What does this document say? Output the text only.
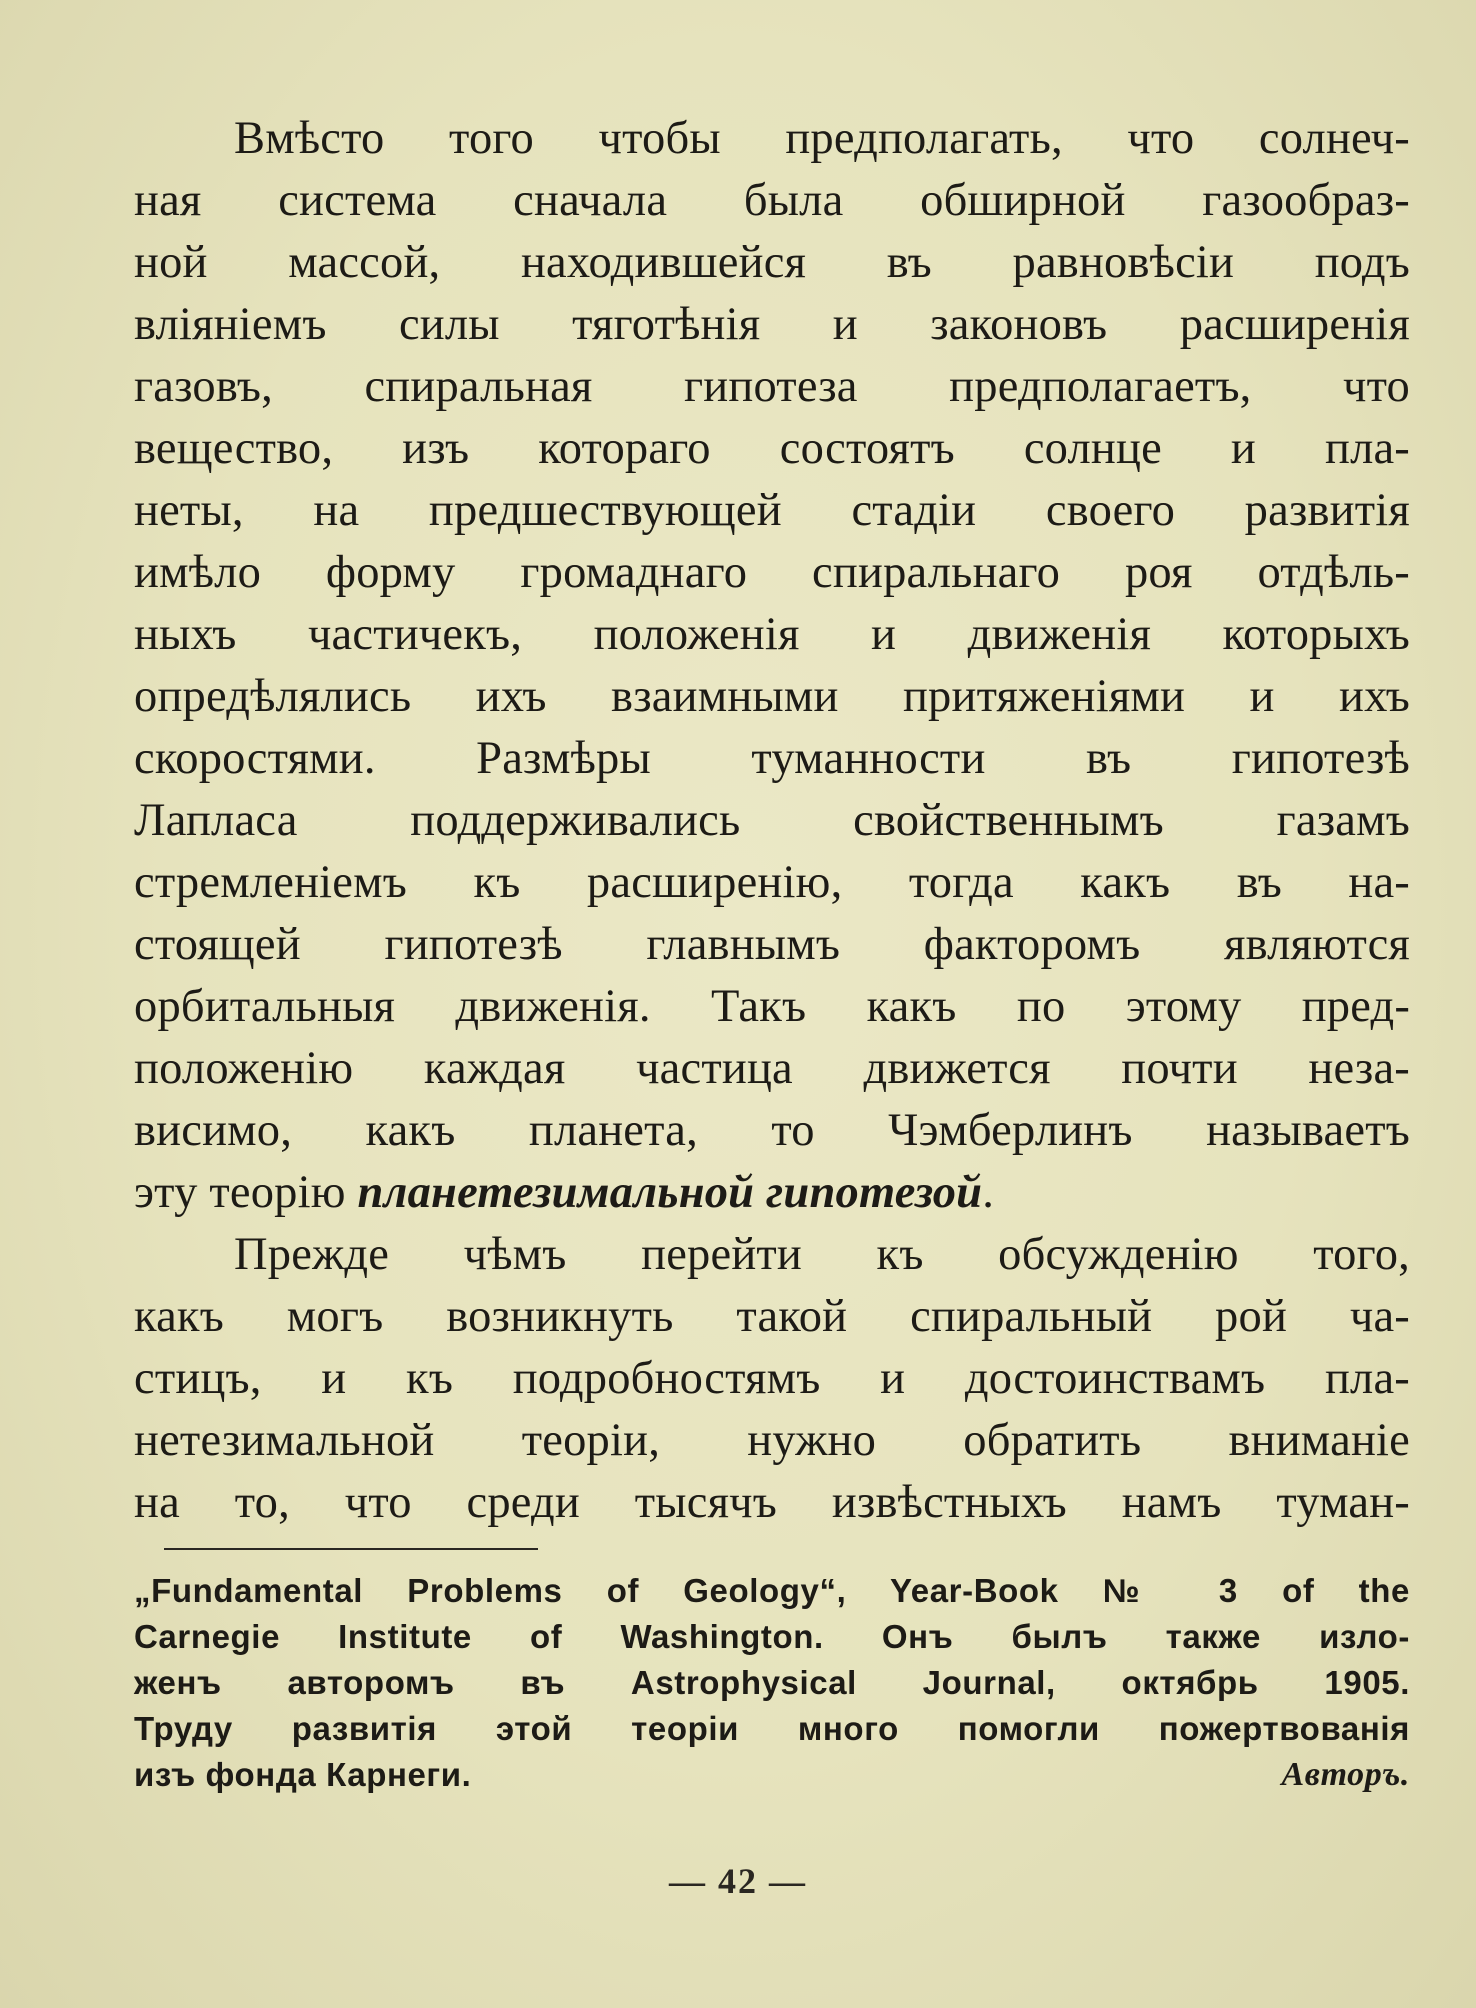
Вмѣсто того чтобы предполагать, что солнеч-
ная система сначала была обширной газообраз-
ной массой, находившейся въ равновѣсіи подъ
вліяніемъ силы тяготѣнія и законовъ расширенія
газовъ, спиральная гипотеза предполагаетъ, что
вещество, изъ котораго состоятъ солнце и пла-
неты, на предшествующей стадіи своего развитія
имѣло форму громаднаго спиральнаго роя отдѣль-
ныхъ частичекъ, положенія и движенія которыхъ
опредѣлялись ихъ взаимными притяженіями и ихъ
скоростями. Размѣры туманности въ гипотезѣ
Лапласа поддерживались свойственнымъ газамъ
стремленіемъ къ расширенію, тогда какъ въ на-
стоящей гипотезѣ главнымъ факторомъ являются
орбитальныя движенія. Такъ какъ по этому пред-
положенію каждая частица движется почти неза-
висимо, какъ планета, то Чэмберлинъ называетъ
эту теорію планетезимальной гипотезой.
Прежде чѣмъ перейти къ обсужденію того,
какъ могъ возникнуть такой спиральный рой ча-
стицъ, и къ подробностямъ и достоинствамъ пла-
нетезимальной теоріи, нужно обратить вниманіе
на то, что среди тысячъ извѣстныхъ намъ туман-
„Fundamental Problems of Geology“, Year-Book № 3 of the
Carnegie Institute of Washington. Онъ былъ также изло-
женъ авторомъ въ Astrophysical Journal, октябрь 1905.
Труду развитія этой теоріи много помогли пожертвованія
изъ фонда Карнеги.	Авторъ.
— 42 —
